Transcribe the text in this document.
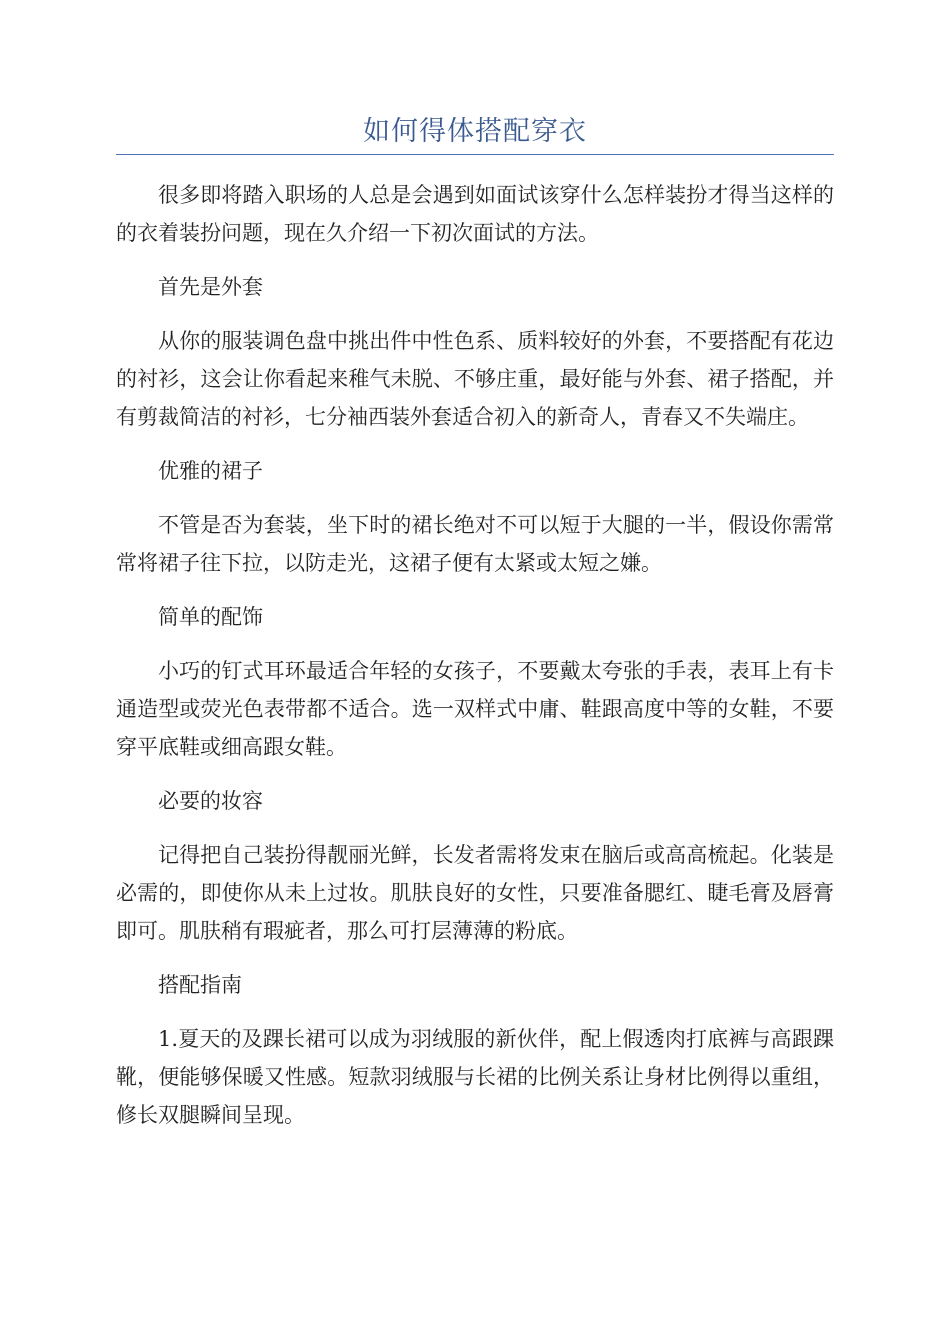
如何得体搭配穿衣

很多即将踏入职场的人总是会遇到如面试该穿什么怎样装扮才得当这样的的衣着装扮问题，现在久介绍一下初次面试的方法。

首先是外套

从你的服装调色盘中挑出件中性色系、质料较好的外套，不要搭配有花边的衬衫，这会让你看起来稚气未脱、不够庄重，最好能与外套、裙子搭配，并有剪裁简洁的衬衫，七分袖西装外套适合初入的新奇人，青春又不失端庄。

优雅的裙子

不管是否为套装，坐下时的裙长绝对不可以短于大腿的一半，假设你需常常将裙子往下拉，以防走光，这裙子便有太紧或太短之嫌。

简单的配饰

小巧的钉式耳环最适合年轻的女孩子，不要戴太夸张的手表，表耳上有卡通造型或荧光色表带都不适合。选一双样式中庸、鞋跟高度中等的女鞋，不要穿平底鞋或细高跟女鞋。

必要的妆容

记得把自己装扮得靓丽光鲜，长发者需将发束在脑后或高高梳起。化装是必需的，即使你从未上过妆。肌肤良好的女性，只要准备腮红、睫毛膏及唇膏即可。肌肤稍有瑕疵者，那么可打层薄薄的粉底。

搭配指南

1.夏天的及踝长裙可以成为羽绒服的新伙伴，配上假透肉打底裤与高跟踝靴，便能够保暖又性感。短款羽绒服与长裙的比例关系让身材比例得以重组，修长双腿瞬间呈现。
